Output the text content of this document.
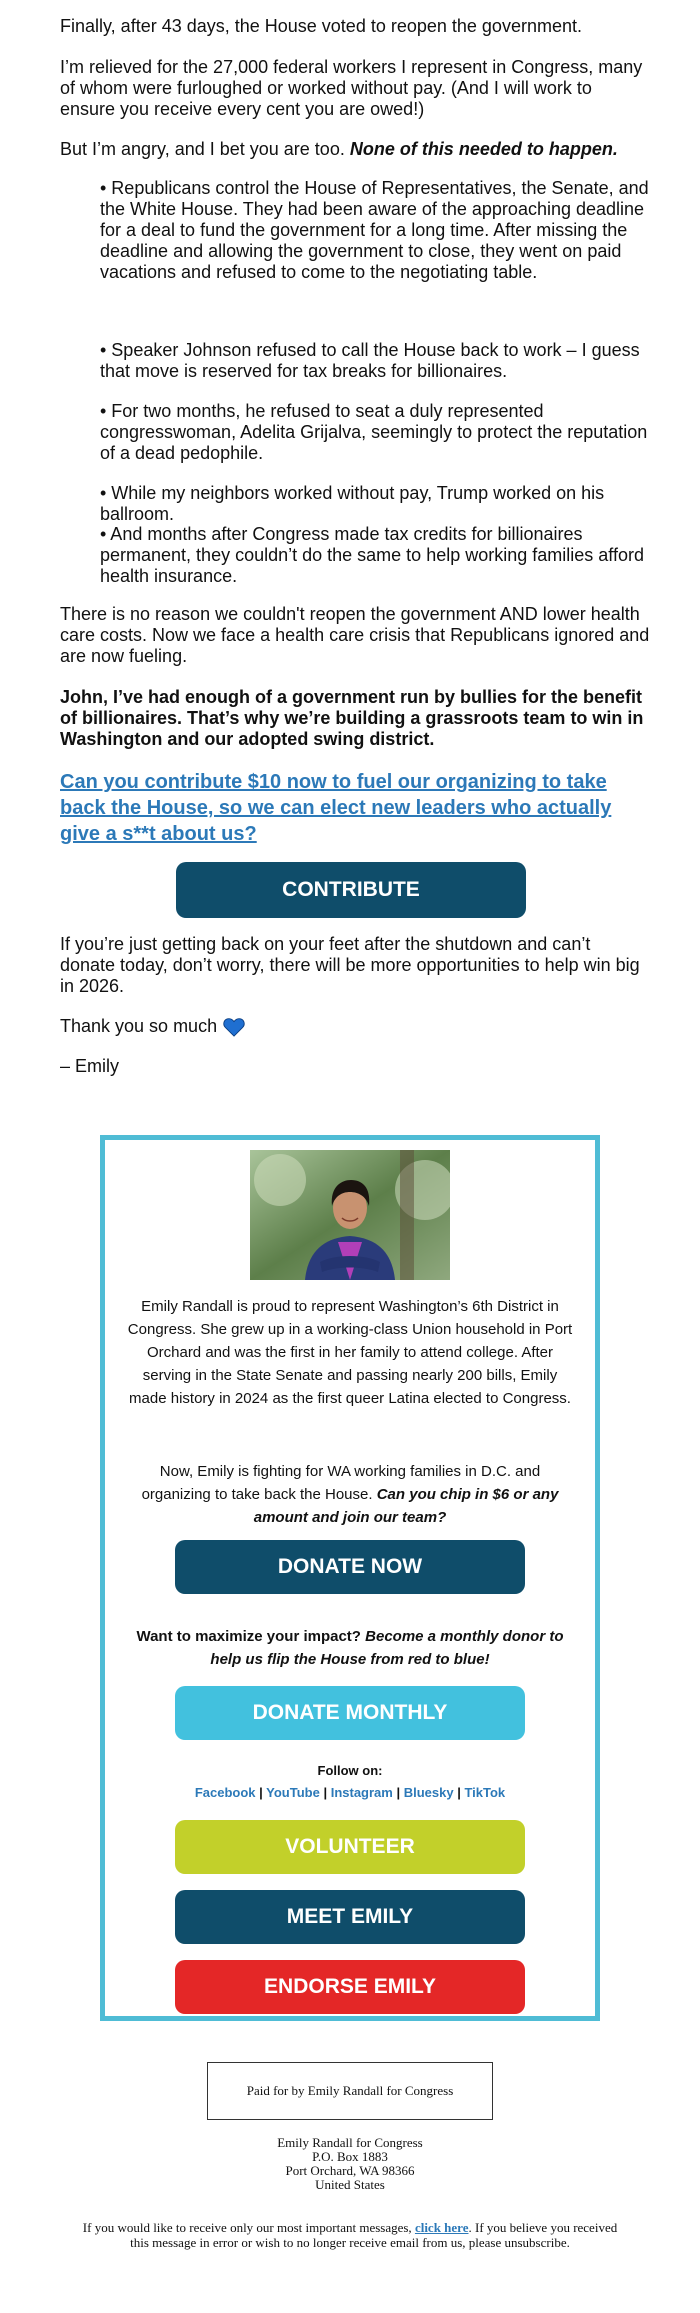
Finally, after 43 days, the House voted to reopen the government.

I’m relieved for the 27,000 federal workers I represent in Congress, many of whom were furloughed or worked without pay. (And I will work to ensure you receive every cent you are owed!)

But I’m angry, and I bet you are too. None of this needed to happen.

• Republicans control the House of Representatives, the Senate, and the White House. They had been aware of the approaching deadline for a deal to fund the government for a long time. After missing the deadline and allowing the government to close, they went on paid vacations and refused to come to the negotiating table.

• Speaker Johnson refused to call the House back to work – I guess that move is reserved for tax breaks for billionaires.

• For two months, he refused to seat a duly represented congresswoman, Adelita Grijalva, seemingly to protect the reputation of a dead pedophile.

• While my neighbors worked without pay, Trump worked on his ballroom.

• And months after Congress made tax credits for billionaires permanent, they couldn’t do the same to help working families afford health insurance.

There is no reason we couldn't reopen the government AND lower health care costs. Now we face a health care crisis that Republicans ignored and are now fueling.

John, I’ve had enough of a government run by bullies for the benefit of billionaires. That’s why we’re building a grassroots team to win in Washington and our adopted swing district.

Can you contribute $10 now to fuel our organizing to take back the House, so we can elect new leaders who actually give a s**t about us?

CONTRIBUTE

If you’re just getting back on your feet after the shutdown and can’t donate today, don’t worry, there will be more opportunities to help win big in 2026.

Thank you so much

– Emily

Emily Randall is proud to represent Washington’s 6th District in Congress. She grew up in a working-class Union household in Port Orchard and was the first in her family to attend college. After serving in the State Senate and passing nearly 200 bills, Emily made history in 2024 as the first queer Latina elected to Congress.

Now, Emily is fighting for WA working families in D.C. and organizing to take back the House. Can you chip in $6 or any amount and join our team?

DONATE NOW

Want to maximize your impact? Become a monthly donor to help us flip the House from red to blue!

DONATE MONTHLY

Follow on:

Facebook | YouTube | Instagram | Bluesky | TikTok

VOLUNTEER
MEET EMILY
ENDORSE EMILY
Paid for by Emily Randall for Congress
Emily Randall for Congress
P.O. Box 1883
Port Orchard, WA 98366
United States
If you would like to receive only our most important messages, click here. If you believe you received this message in error or wish to no longer receive email from us, please unsubscribe.
